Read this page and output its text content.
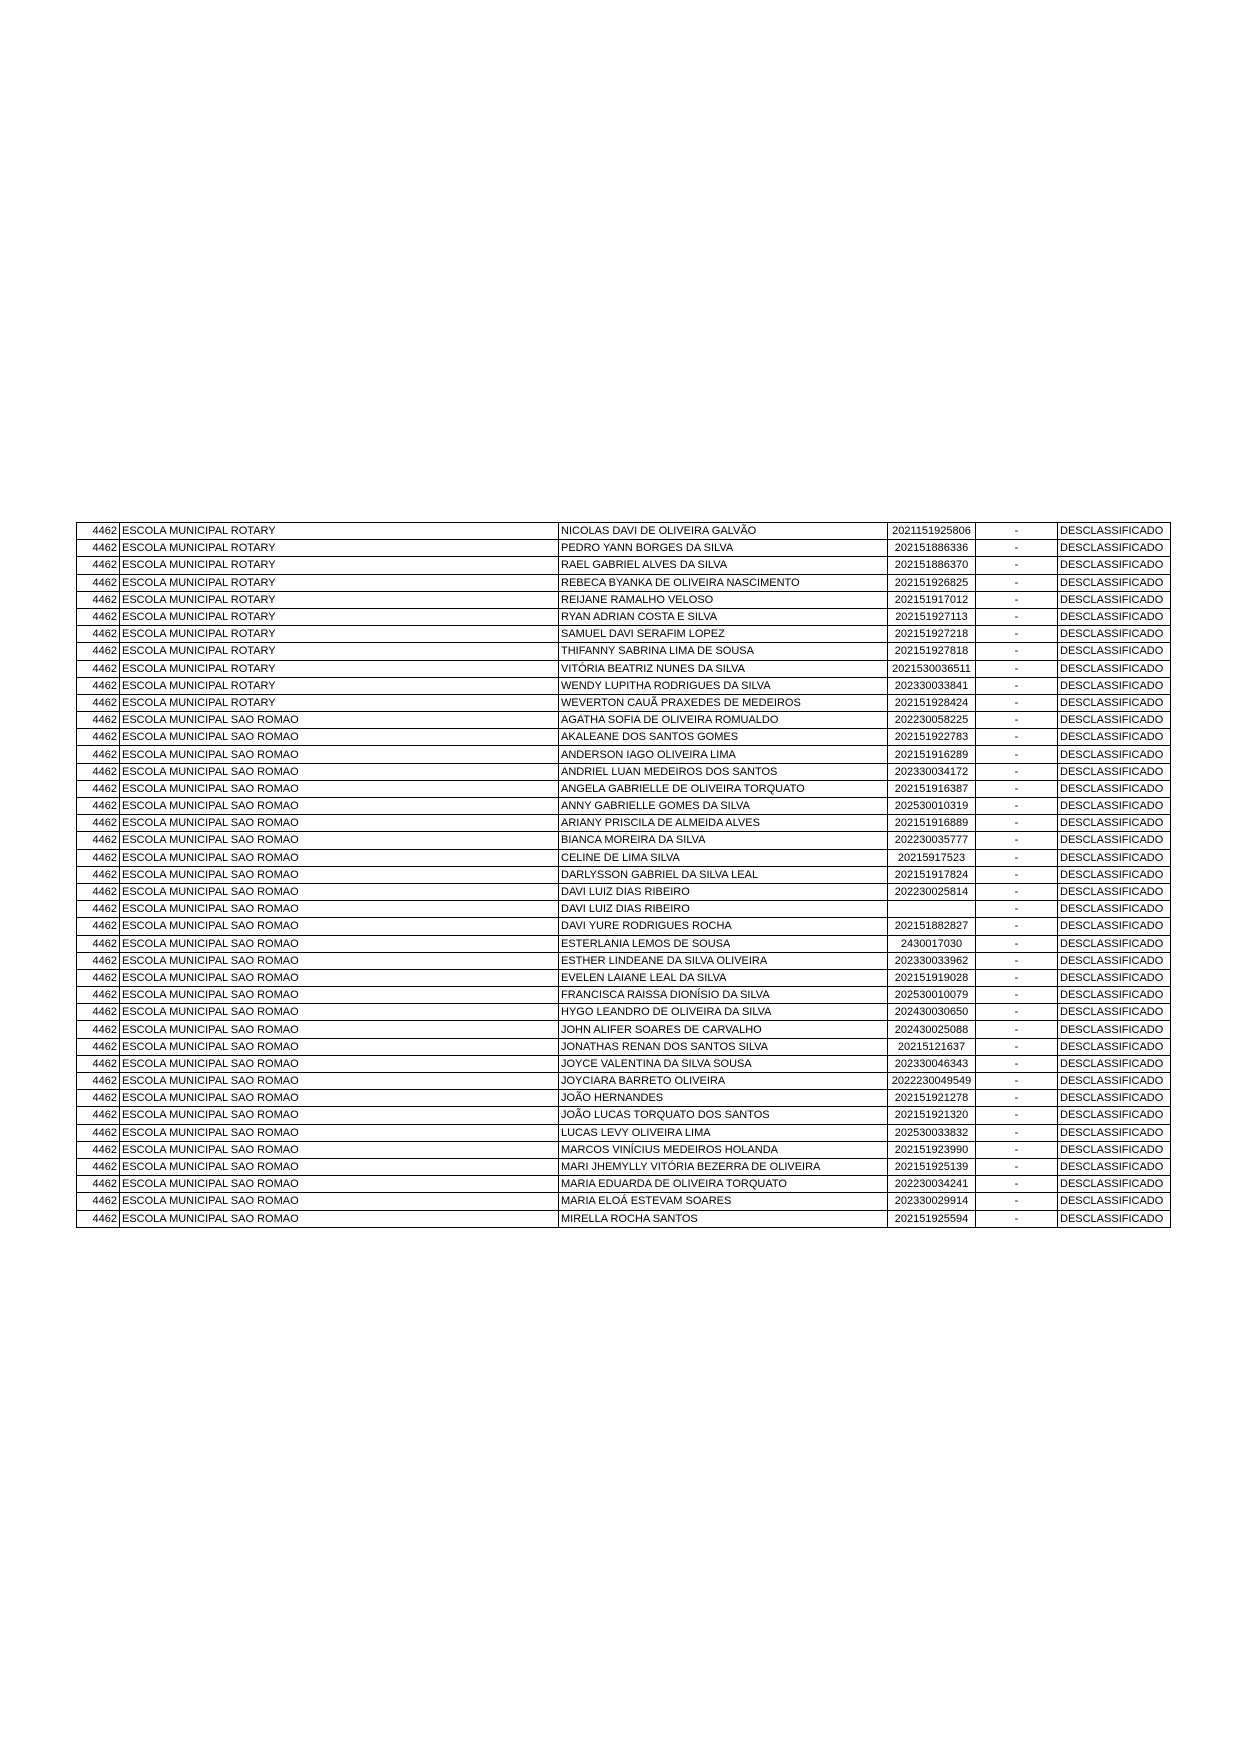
4462	ESCOLA MUNICIPAL ROTARY	NICOLAS DAVI DE OLIVEIRA GALVÃO	2021151925806	-	DESCLASSIFICADO
4462	ESCOLA MUNICIPAL ROTARY	PEDRO YANN BORGES DA SILVA	202151886336	-	DESCLASSIFICADO
4462	ESCOLA MUNICIPAL ROTARY	RAEL GABRIEL ALVES DA SILVA	202151886370	-	DESCLASSIFICADO
4462	ESCOLA MUNICIPAL ROTARY	REBECA BYANKA DE OLIVEIRA NASCIMENTO	202151926825	-	DESCLASSIFICADO
4462	ESCOLA MUNICIPAL ROTARY	REIJANE RAMALHO VELOSO	202151917012	-	DESCLASSIFICADO
4462	ESCOLA MUNICIPAL ROTARY	RYAN ADRIAN COSTA E SILVA	202151927113	-	DESCLASSIFICADO
4462	ESCOLA MUNICIPAL ROTARY	SAMUEL DAVI SERAFIM LOPEZ	202151927218	-	DESCLASSIFICADO
4462	ESCOLA MUNICIPAL ROTARY	THIFANNY SABRINA LIMA DE SOUSA	202151927818	-	DESCLASSIFICADO
4462	ESCOLA MUNICIPAL ROTARY	VITÓRIA BEATRIZ NUNES DA SILVA	2021530036511	-	DESCLASSIFICADO
4462	ESCOLA MUNICIPAL ROTARY	WENDY LUPITHA RODRIGUES DA SILVA	202330033841	-	DESCLASSIFICADO
4462	ESCOLA MUNICIPAL ROTARY	WEVERTON CAUÃ PRAXEDES DE MEDEIROS	202151928424	-	DESCLASSIFICADO
4462	ESCOLA MUNICIPAL SAO ROMAO	AGATHA SOFIA DE OLIVEIRA ROMUALDO	202230058225	-	DESCLASSIFICADO
4462	ESCOLA MUNICIPAL SAO ROMAO	AKALEANE DOS SANTOS GOMES	202151922783	-	DESCLASSIFICADO
4462	ESCOLA MUNICIPAL SAO ROMAO	ANDERSON IAGO OLIVEIRA LIMA	202151916289	-	DESCLASSIFICADO
4462	ESCOLA MUNICIPAL SAO ROMAO	ANDRIEL LUAN MEDEIROS DOS SANTOS	202330034172	-	DESCLASSIFICADO
4462	ESCOLA MUNICIPAL SAO ROMAO	ANGELA GABRIELLE DE OLIVEIRA TORQUATO	202151916387	-	DESCLASSIFICADO
4462	ESCOLA MUNICIPAL SAO ROMAO	ANNY GABRIELLE GOMES DA SILVA	202530010319	-	DESCLASSIFICADO
4462	ESCOLA MUNICIPAL SAO ROMAO	ARIANY PRISCILA DE ALMEIDA ALVES	202151916889	-	DESCLASSIFICADO
4462	ESCOLA MUNICIPAL SAO ROMAO	BIANCA MOREIRA DA SILVA	202230035777	-	DESCLASSIFICADO
4462	ESCOLA MUNICIPAL SAO ROMAO	CELINE DE LIMA SILVA	20215917523	-	DESCLASSIFICADO
4462	ESCOLA MUNICIPAL SAO ROMAO	DARLYSSON GABRIEL DA SILVA LEAL	202151917824	-	DESCLASSIFICADO
4462	ESCOLA MUNICIPAL SAO ROMAO	DAVI LUIZ DIAS RIBEIRO	202230025814	-	DESCLASSIFICADO
4462	ESCOLA MUNICIPAL SAO ROMAO	DAVI LUIZ DIAS RIBEIRO		-	DESCLASSIFICADO
4462	ESCOLA MUNICIPAL SAO ROMAO	DAVI YURE RODRIGUES ROCHA	202151882827	-	DESCLASSIFICADO
4462	ESCOLA MUNICIPAL SAO ROMAO	ESTERLANIA LEMOS DE SOUSA	2430017030	-	DESCLASSIFICADO
4462	ESCOLA MUNICIPAL SAO ROMAO	ESTHER LINDEANE DA SILVA OLIVEIRA	202330033962	-	DESCLASSIFICADO
4462	ESCOLA MUNICIPAL SAO ROMAO	EVELEN LAIANE LEAL DA SILVA	202151919028	-	DESCLASSIFICADO
4462	ESCOLA MUNICIPAL SAO ROMAO	FRANCISCA RAISSA DIONÍSIO DA SILVA	202530010079	-	DESCLASSIFICADO
4462	ESCOLA MUNICIPAL SAO ROMAO	HYGO LEANDRO DE OLIVEIRA DA SILVA	202430030650	-	DESCLASSIFICADO
4462	ESCOLA MUNICIPAL SAO ROMAO	JOHN ALIFER SOARES DE CARVALHO	202430025088	-	DESCLASSIFICADO
4462	ESCOLA MUNICIPAL SAO ROMAO	JONATHAS RENAN DOS SANTOS SILVA	20215121637	-	DESCLASSIFICADO
4462	ESCOLA MUNICIPAL SAO ROMAO	JOYCE VALENTINA DA SILVA SOUSA	202330046343	-	DESCLASSIFICADO
4462	ESCOLA MUNICIPAL SAO ROMAO	JOYCIARA BARRETO OLIVEIRA	2022230049549	-	DESCLASSIFICADO
4462	ESCOLA MUNICIPAL SAO ROMAO	JOÃO HERNANDES	202151921278	-	DESCLASSIFICADO
4462	ESCOLA MUNICIPAL SAO ROMAO	JOÃO LUCAS TORQUATO DOS SANTOS	202151921320	-	DESCLASSIFICADO
4462	ESCOLA MUNICIPAL SAO ROMAO	LUCAS LEVY OLIVEIRA LIMA	202530033832	-	DESCLASSIFICADO
4462	ESCOLA MUNICIPAL SAO ROMAO	MARCOS VINÍCIUS MEDEIROS HOLANDA	202151923990	-	DESCLASSIFICADO
4462	ESCOLA MUNICIPAL SAO ROMAO	MARI JHEMYLLY VITÓRIA BEZERRA DE OLIVEIRA	202151925139	-	DESCLASSIFICADO
4462	ESCOLA MUNICIPAL SAO ROMAO	MARIA EDUARDA DE OLIVEIRA TORQUATO	202230034241	-	DESCLASSIFICADO
4462	ESCOLA MUNICIPAL SAO ROMAO	MARIA ELOÁ ESTEVAM SOARES	202330029914	-	DESCLASSIFICADO
4462	ESCOLA MUNICIPAL SAO ROMAO	MIRELLA ROCHA SANTOS	202151925594	-	DESCLASSIFICADO
